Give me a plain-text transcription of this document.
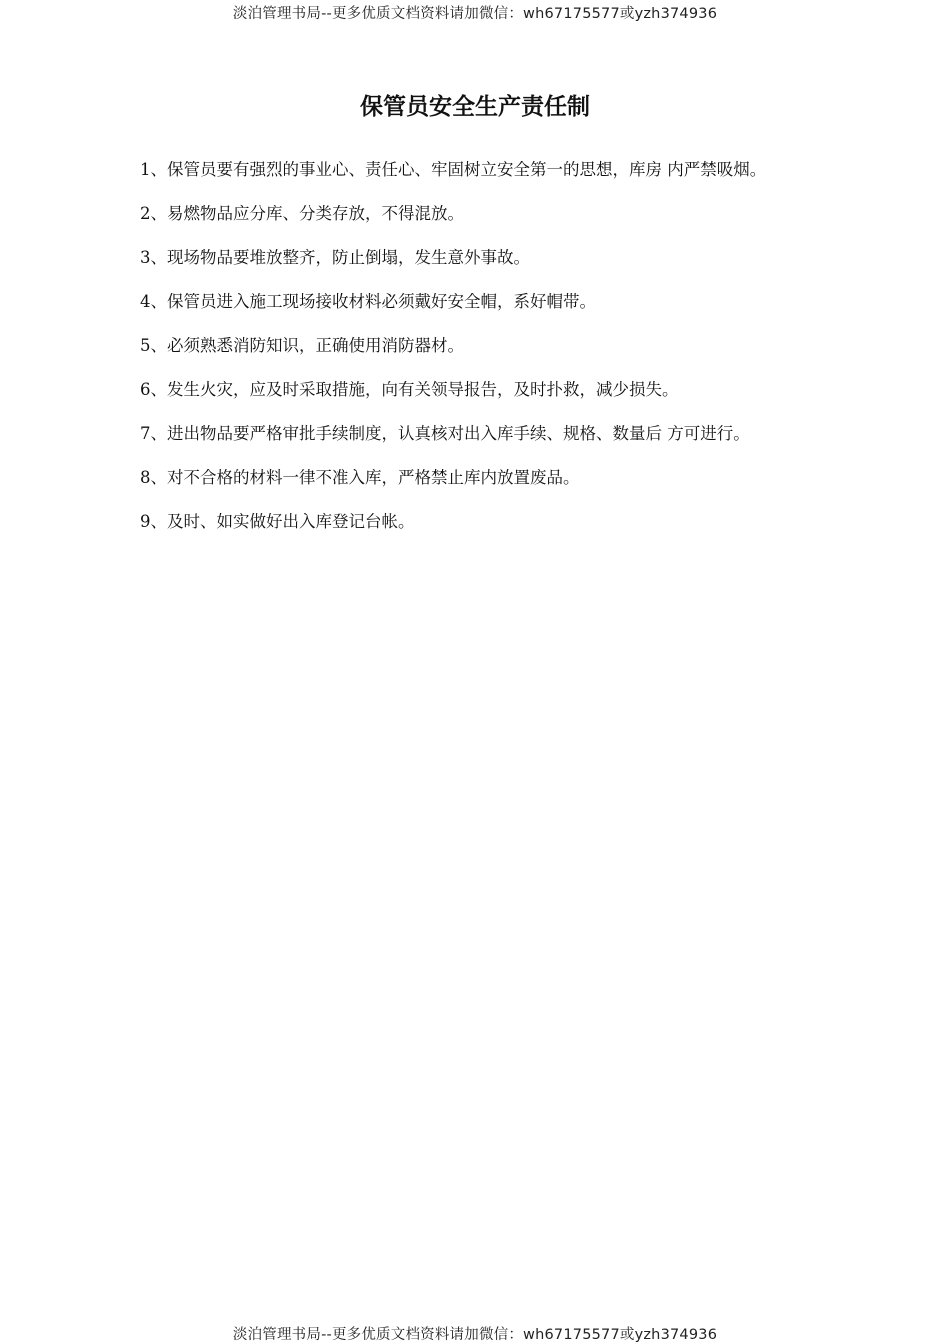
淡泊管理书局--更多优质文档资料请加微信：wh67175577或yzh374936
保管员安全生产责任制
1、保管员要有强烈的事业心、责任心、牢固树立安全第一的思想，库房 内严禁吸烟。
2、易燃物品应分库、分类存放，不得混放。
3、现场物品要堆放整齐，防止倒塌，发生意外事故。
4、保管员进入施工现场接收材料必须戴好安全帽，系好帽带。
5、必须熟悉消防知识，正确使用消防器材。
6、发生火灾，应及时采取措施，向有关领导报告，及时扑救，减少损失。
7、进出物品要严格审批手续制度，认真核对出入库手续、规格、数量后 方可进行。
8、对不合格的材料一律不准入库，严格禁止库内放置废品。
9、及时、如实做好出入库登记台帐。
淡泊管理书局--更多优质文档资料请加微信：wh67175577或yzh374936
